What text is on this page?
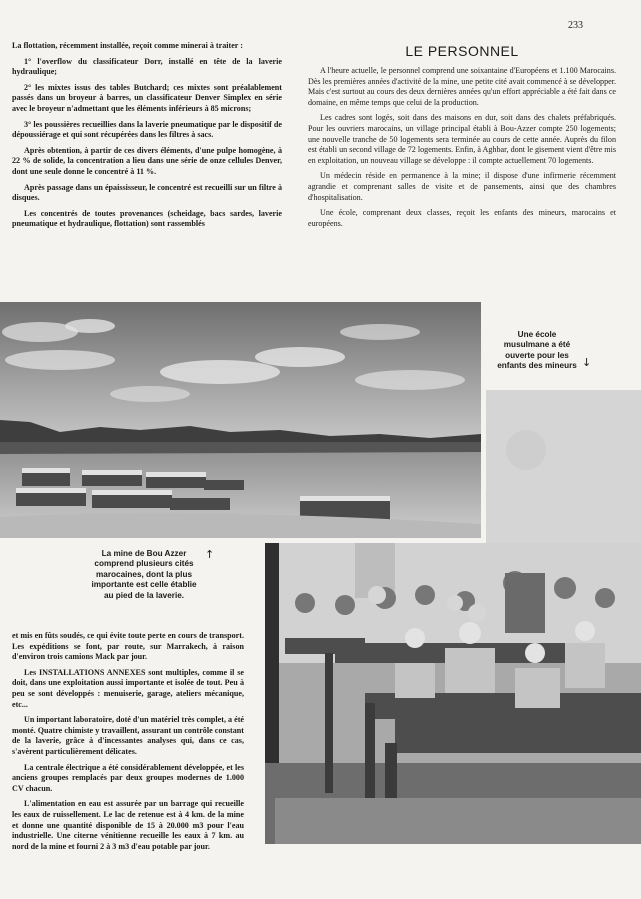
233

La flottation, récemment installée, reçoit comme minerai à traiter :

1° l'overflow du classificateur Dorr, installé en tête de la laverie hydraulique;

2° les mixtes issus des tables Butchard; ces mixtes sont préalablement passés dans un broyeur à barres, un classificateur Denver Simplex en série avec le broyeur n'admettant que les éléments inférieurs à 85 microns;

3° les poussières recueillies dans la laverie pneumatique par le dispositif de dépoussiérage et qui sont récupérées dans les filtres à sacs.

Après obtention, à partir de ces divers éléments, d'une pulpe homogène, à 22 % de solide, la concentration a lieu dans une série de onze cellules Denver, dont une seule donne le concentré à 11 %.

Après passage dans un épaississeur, le concentré est recueilli sur un filtre à disques.

Les concentrés de toutes provenances (scheidage, bacs sardes, laverie pneumatique et hydraulique, flottation) sont rassemblés

LE PERSONNEL

A l'heure actuelle, le personnel comprend une soixantaine d'Européens et 1.100 Marocains. Dès les premières années d'activité de la mine, une petite cité avait commencé à se développer. Mais c'est surtout au cours des deux dernières années qu'un effort appréciable a été fait dans ce domaine, en même temps que celui de la production.

Les cadres sont logés, soit dans des maisons en dur, soit dans des chalets préfabriqués. Pour les ouvriers marocains, un village principal établi à Bou-Azzer compte 250 logements; une nouvelle tranche de 50 logements sera terminée au cours de cette année. Auprès du filon est établi un second village de 72 logements. Enfin, à Aghbar, dont le gisement vient d'être mis en exploitation, un nouveau village se développe : il compte actuellement 70 logements.

Un médecin réside en permanence à la mine; il dispose d'une infirmerie récemment agrandie et comprenant salles de visite et de pansements, ainsi que des chambres d'hospitalisation.

Une école, comprenant deux classes, reçoit les enfants des mineurs, marocains et européens.

Une école musulmane a été ouverte pour les enfants des mineurs ↓
La mine de Bou Azzer comprend plusieurs cités marocaines, dont la plus importante est celle établie au pied de la laverie.
↑

et mis en fûts soudés, ce qui évite toute perte en cours de transport. Les expéditions se font, par route, sur Marrakech, à raison d'environ trois camions Mack par jour.

Les INSTALLATIONS ANNEXES sont multiples, comme il se doit, dans une exploitation aussi importante et isolée de tout. Peu à peu se sont développés : menuiserie, garage, ateliers mécanique, etc...

Un important laboratoire, doté d'un matériel très complet, a été monté. Quatre chimiste y travaillent, assurant un contrôle constant de la laverie, grâce à d'incessantes analyses qui, dans ce cas, s'avèrent particulièrement délicates.

La centrale électrique a été considérablement développée, et les anciens groupes remplacés par deux groupes modernes de 1.000 CV chacun.

L'alimentation en eau est assurée par un barrage qui recueille les eaux de ruissellement. Le lac de retenue est à 4 km. de la mine et donne une quantité disponible de 15 à 20.000 m3 pour l'eau industrielle. Une citerne vénitienne recueille les eaux à 7 km. au nord de la mine et fourni 2 à 3 m3 d'eau potable par jour.
